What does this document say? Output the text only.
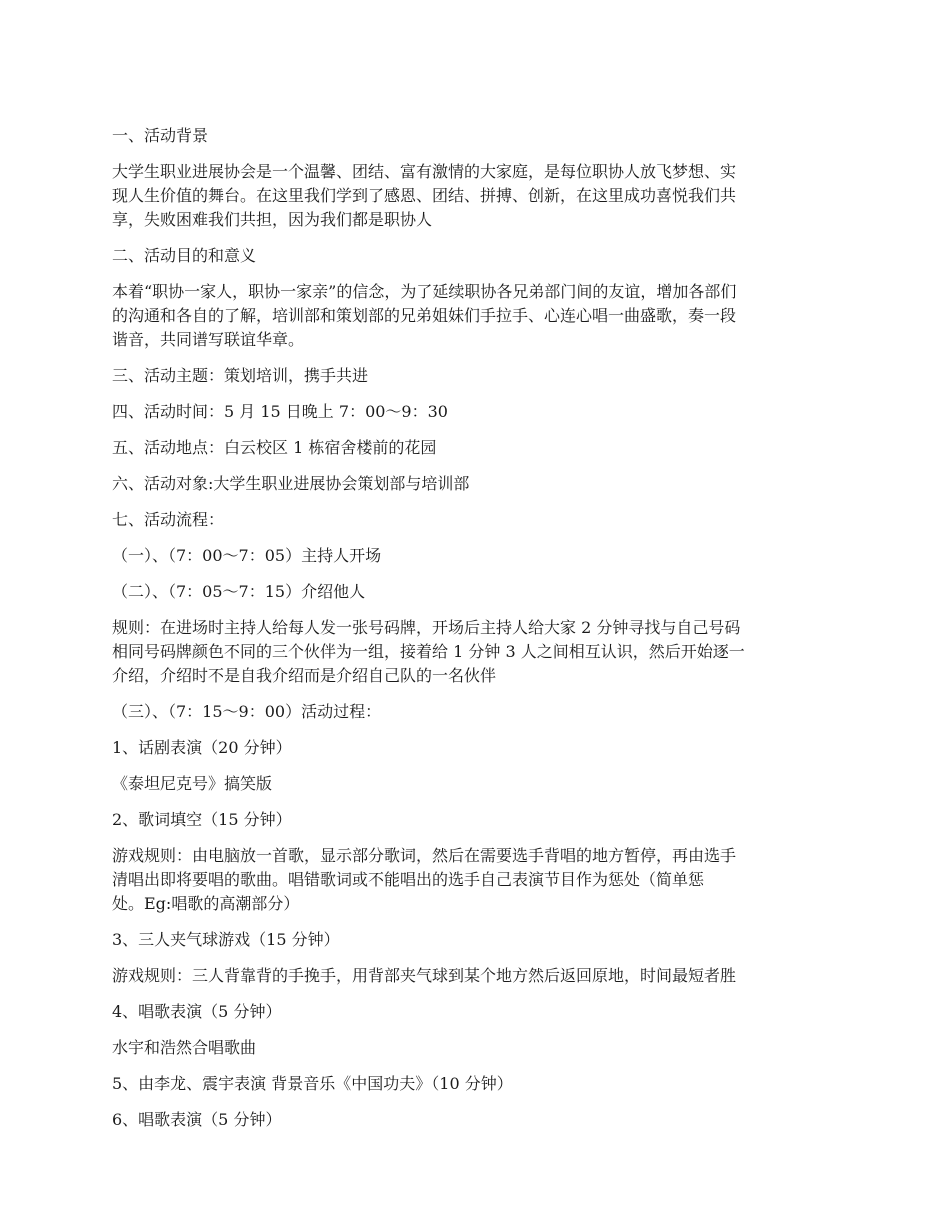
一、活动背景
大学生职业进展协会是一个温馨、团结、富有激情的大家庭，是每位职协人放飞梦想、实
现人生价值的舞台。在这里我们学到了感恩、团结、拼搏、创新，在这里成功喜悦我们共
享，失败困难我们共担，因为我们都是职协人
二、活动目的和意义
本着“职协一家人，职协一家亲”的信念，为了延续职协各兄弟部门间的友谊，增加各部们
的沟通和各自的了解，培训部和策划部的兄弟姐妹们手拉手、心连心唱一曲盛歌，奏一段
谐音，共同谱写联谊华章。
三、活动主题：策划培训，携手共进
四、活动时间：5 月 15 日晚上 7：00～9：30
五、活动地点：白云校区 1 栋宿舍楼前的花园
六、活动对象:大学生职业进展协会策划部与培训部
七、活动流程：
（一）、（7：00～7：05）主持人开场
（二）、（7：05～7：15）介绍他人
规则：在进场时主持人给每人发一张号码牌，开场后主持人给大家 2 分钟寻找与自己号码
相同号码牌颜色不同的三个伙伴为一组，接着给 1 分钟 3 人之间相互认识，然后开始逐一
介绍，介绍时不是自我介绍而是介绍自己队的一名伙伴
（三）、（7：15～9：00）活动过程：
1、话剧表演（20 分钟）
《泰坦尼克号》搞笑版
2、歌词填空（15 分钟）
游戏规则：由电脑放一首歌，显示部分歌词，然后在需要选手背唱的地方暂停，再由选手
清唱出即将要唱的歌曲。唱错歌词或不能唱出的选手自己表演节目作为惩处（简单惩
处。Eg:唱歌的高潮部分）
3、三人夹气球游戏（15 分钟）
游戏规则：三人背靠背的手挽手，用背部夹气球到某个地方然后返回原地，时间最短者胜
4、唱歌表演（5 分钟）
水宇和浩然合唱歌曲
5、由李龙、震宇表演 背景音乐《中国功夫》（10 分钟）
6、唱歌表演（5 分钟）
